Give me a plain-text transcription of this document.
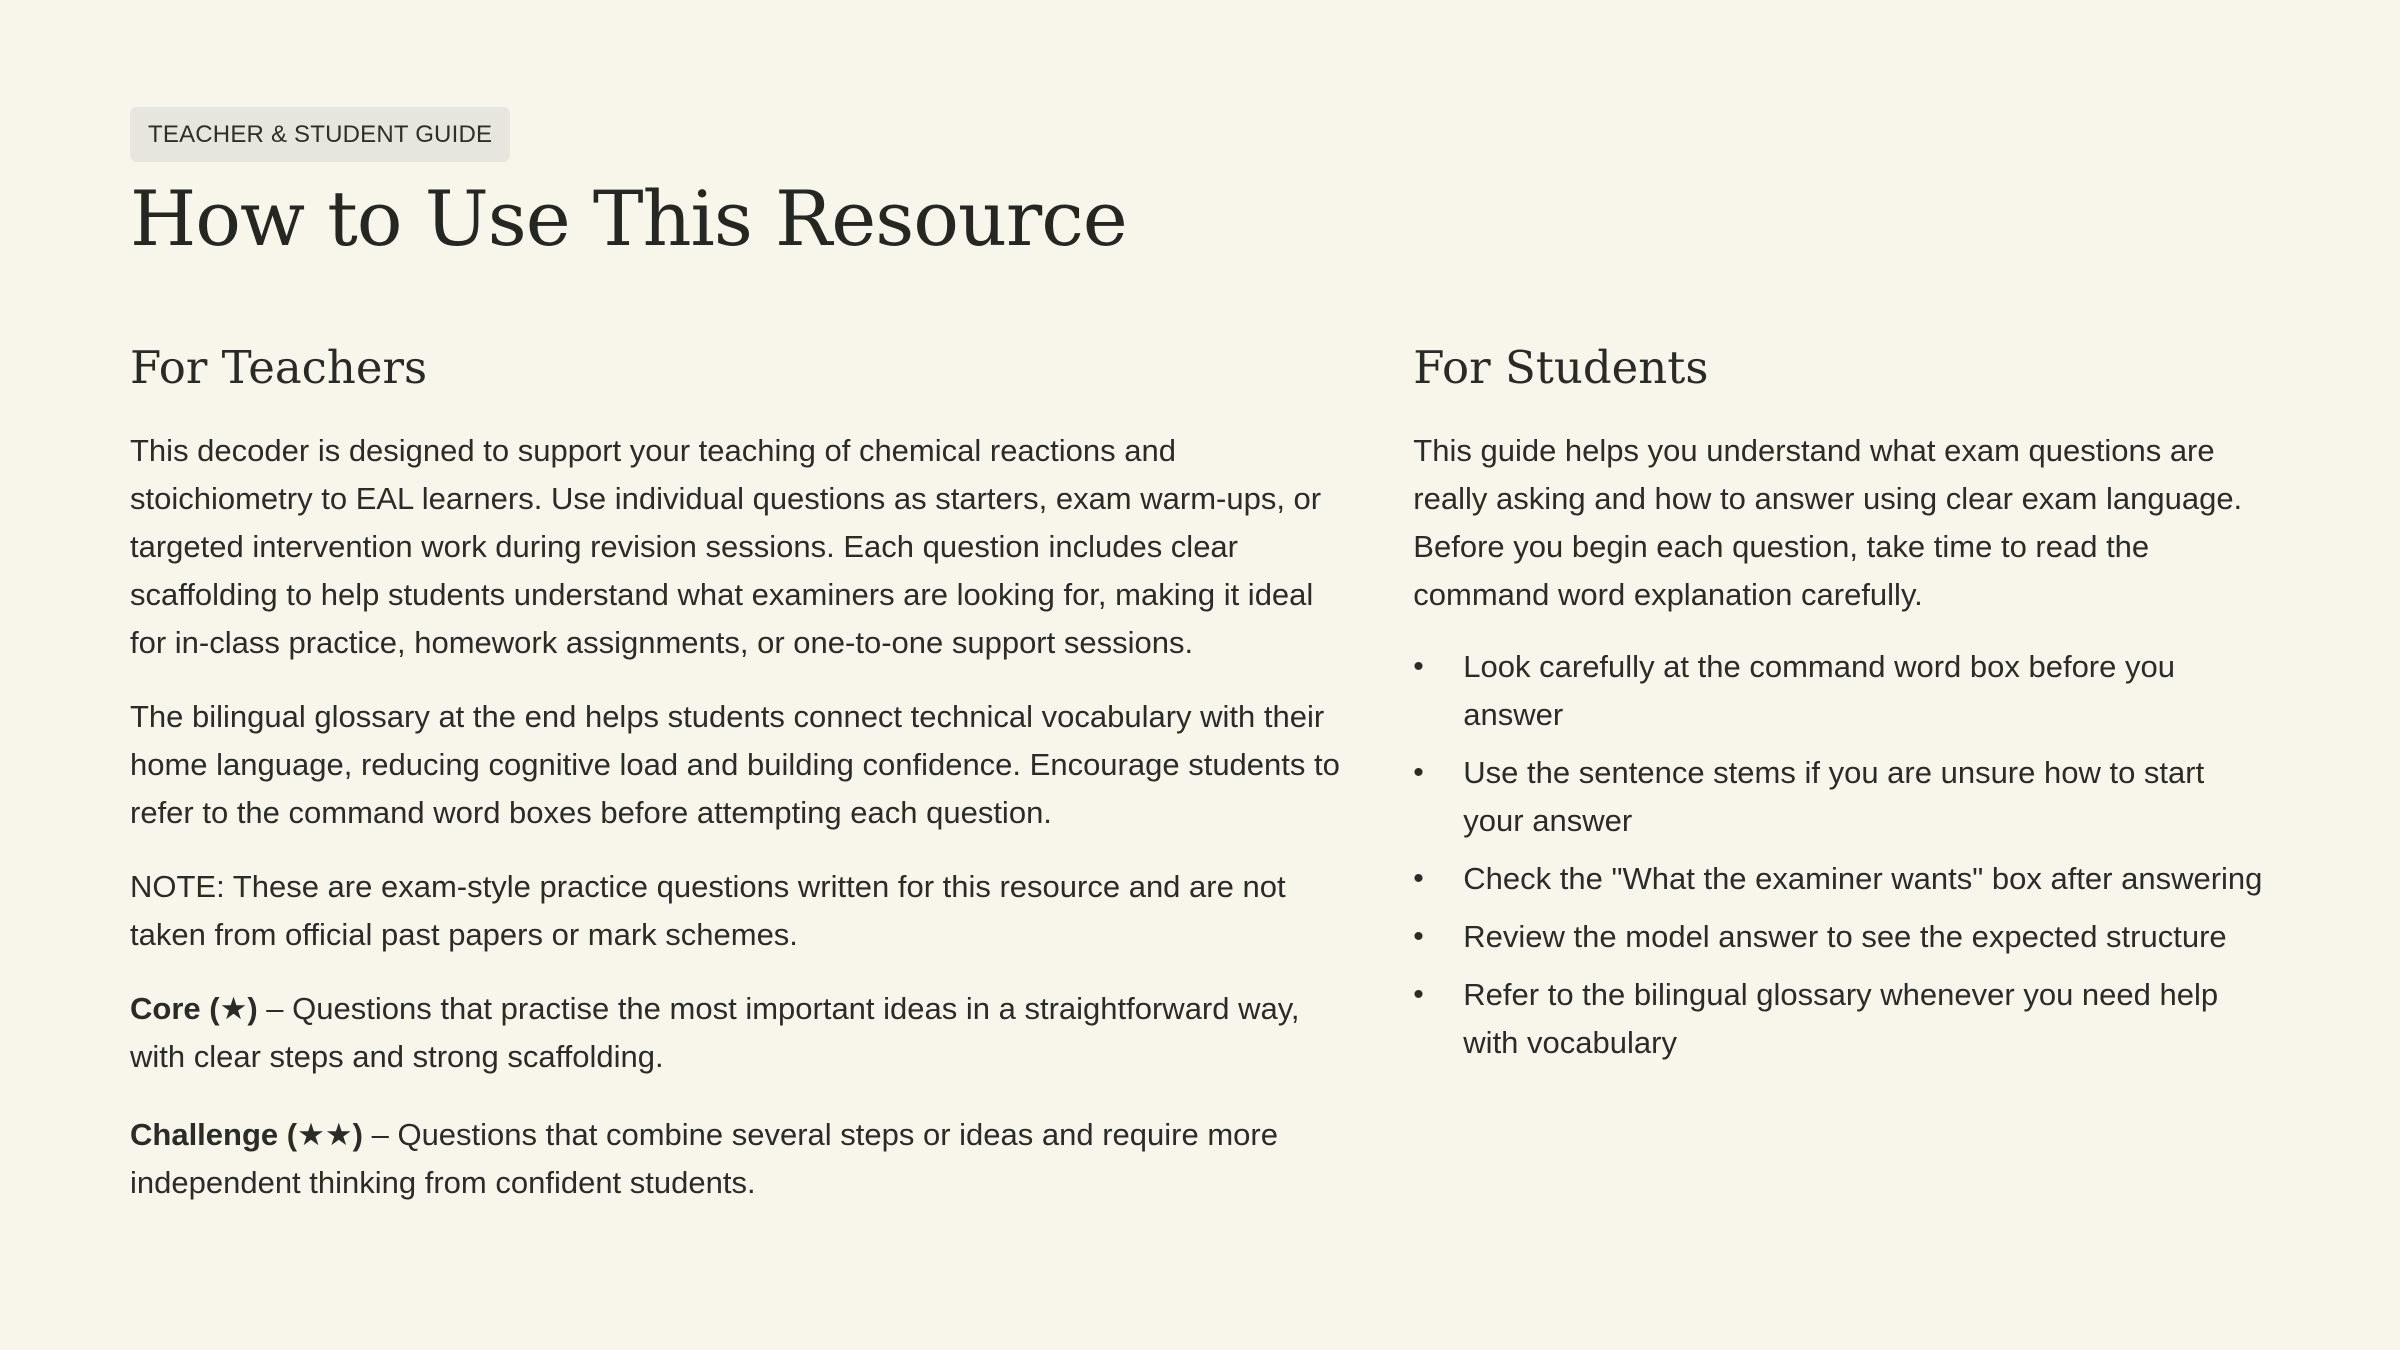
TEACHER & STUDENT GUIDE
How to Use This Resource
For Teachers

This decoder is designed to support your teaching of chemical reactions and stoichiometry to EAL learners. Use individual questions as starters, exam warm-ups, or targeted intervention work during revision sessions. Each question includes clear scaffolding to help students understand what examiners are looking for, making it ideal for in-class practice, homework assignments, or one-to-one support sessions.

The bilingual glossary at the end helps students connect technical vocabulary with their home language, reducing cognitive load and building confidence. Encourage students to refer to the command word boxes before attempting each question.

NOTE: These are exam-style practice questions written for this resource and are not taken from official past papers or mark schemes.

Core (★) – Questions that practise the most important ideas in a straightforward way, with clear steps and strong scaffolding.

Challenge (★★) – Questions that combine several steps or ideas and require more independent thinking from confident students.

For Students

This guide helps you understand what exam questions are really asking and how to answer using clear exam language. Before you begin each question, take time to read the command word explanation carefully.

•	Look carefully at the command word box before you answer
•	Use the sentence stems if you are unsure how to start your answer
•	Check the "What the examiner wants" box after answering
•	Review the model answer to see the expected structure
•	Refer to the bilingual glossary whenever you need help with vocabulary
